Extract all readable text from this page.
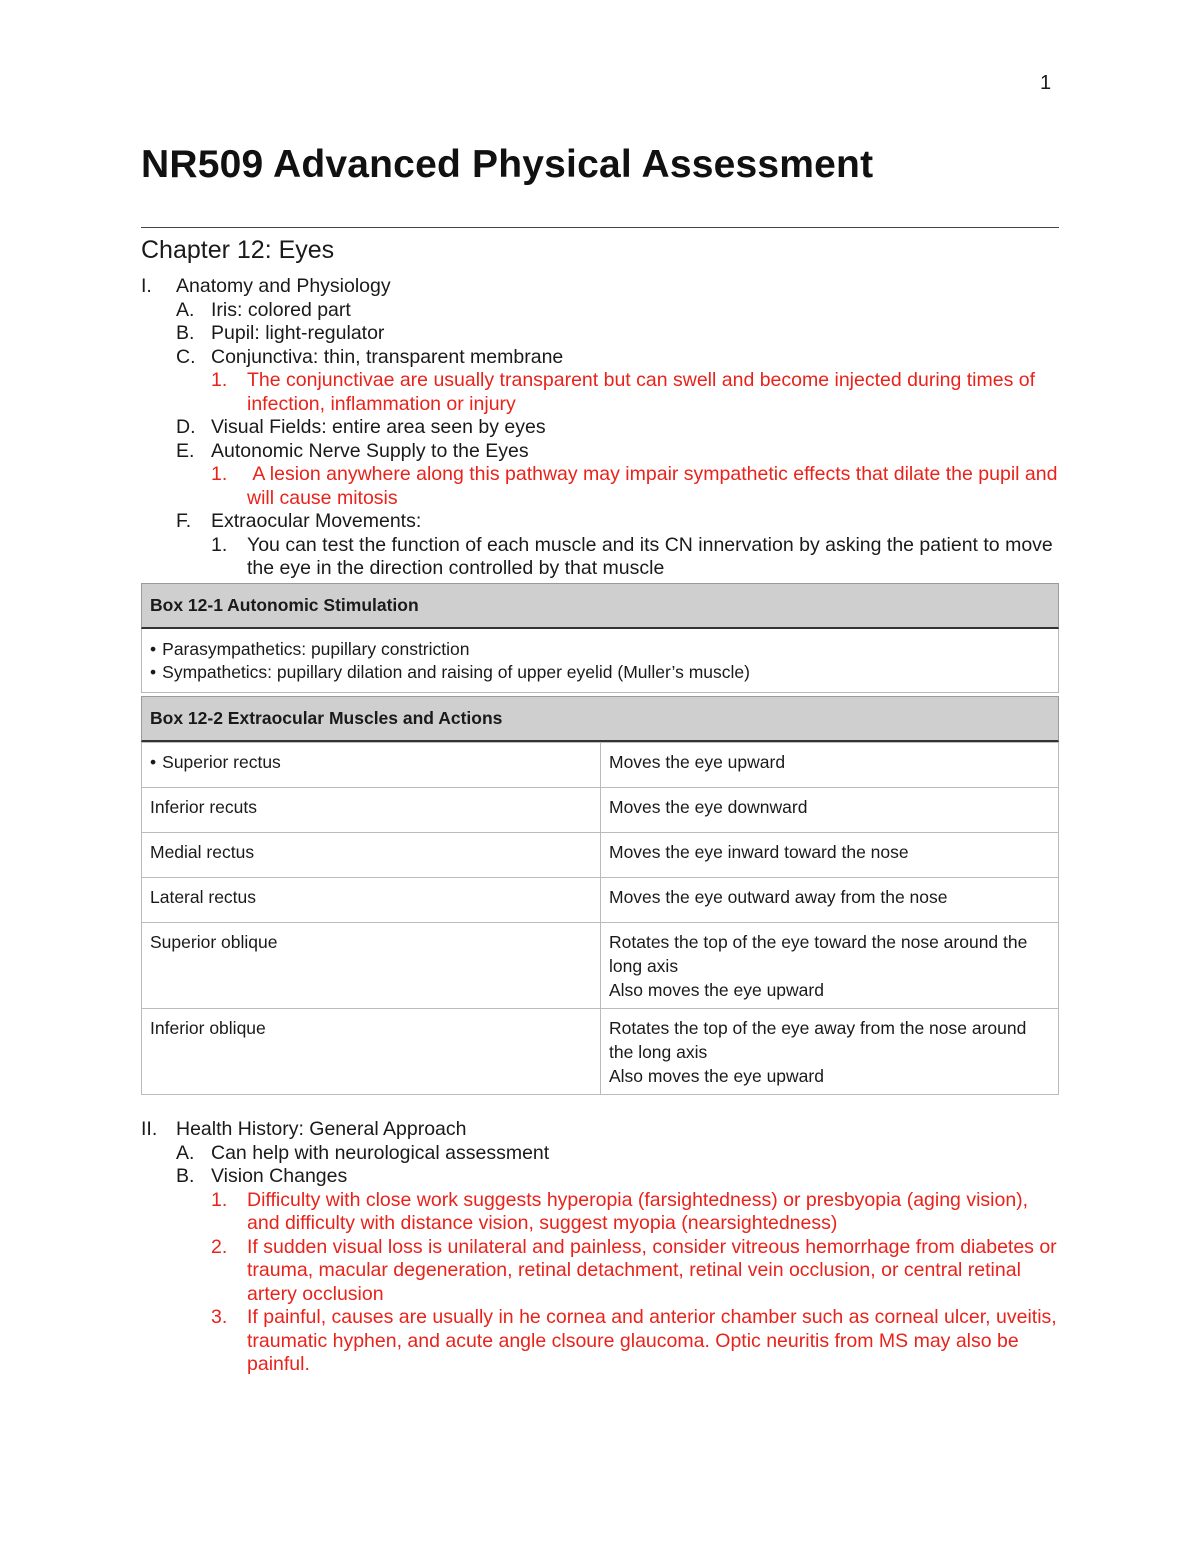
1
NR509 Advanced Physical Assessment
Chapter 12: Eyes
I.	Anatomy and Physiology
A. Iris: colored part
B. Pupil: light-regulator
C. Conjunctiva: thin, transparent membrane
1.	The conjunctivae are usually transparent but can swell and become injected during times of infection, inflammation or injury
D. Visual Fields: entire area seen by eyes
E. Autonomic Nerve Supply to the Eyes
1.	A lesion anywhere along this pathway may impair sympathetic effects that dilate the pupil and will cause mitosis
F.	Extraocular Movements:
1.	You can test the function of each muscle and its CN innervation by asking the patient to move the eye in the direction controlled by that muscle
Box 12-1 Autonomic Stimulation
• Parasympathetics: pupillary constriction
• Sympathetics: pupillary dilation and raising of upper eyelid (Muller’s muscle)
Box 12-2 Extraocular Muscles and Actions
• Superior rectus	Moves the eye upward

Inferior recuts	Moves the eye downward

Medial rectus	Moves the eye inward toward the nose

Lateral rectus	Moves the eye outward away from the nose

Superior oblique	Rotates the top of the eye toward the nose around the long axis
Also moves the eye upward

Inferior oblique	Rotates the top of the eye away from the nose around the long axis
Also moves the eye upward
II. Health History: General Approach
A. Can help with neurological assessment
B. Vision Changes
1.	Difficulty with close work suggests hyperopia (farsightedness) or presbyopia (aging vision), and difficulty with distance vision, suggest myopia (nearsightedness)
2.	If sudden visual loss is unilateral and painless, consider vitreous hemorrhage from diabetes or trauma, macular degeneration, retinal detachment, retinal vein occlusion, or central retinal artery occlusion
3.	If painful, causes are usually in he cornea and anterior chamber such as corneal ulcer, uveitis, traumatic hyphen, and acute angle clsoure glaucoma. Optic neuritis from MS may also be painful.
